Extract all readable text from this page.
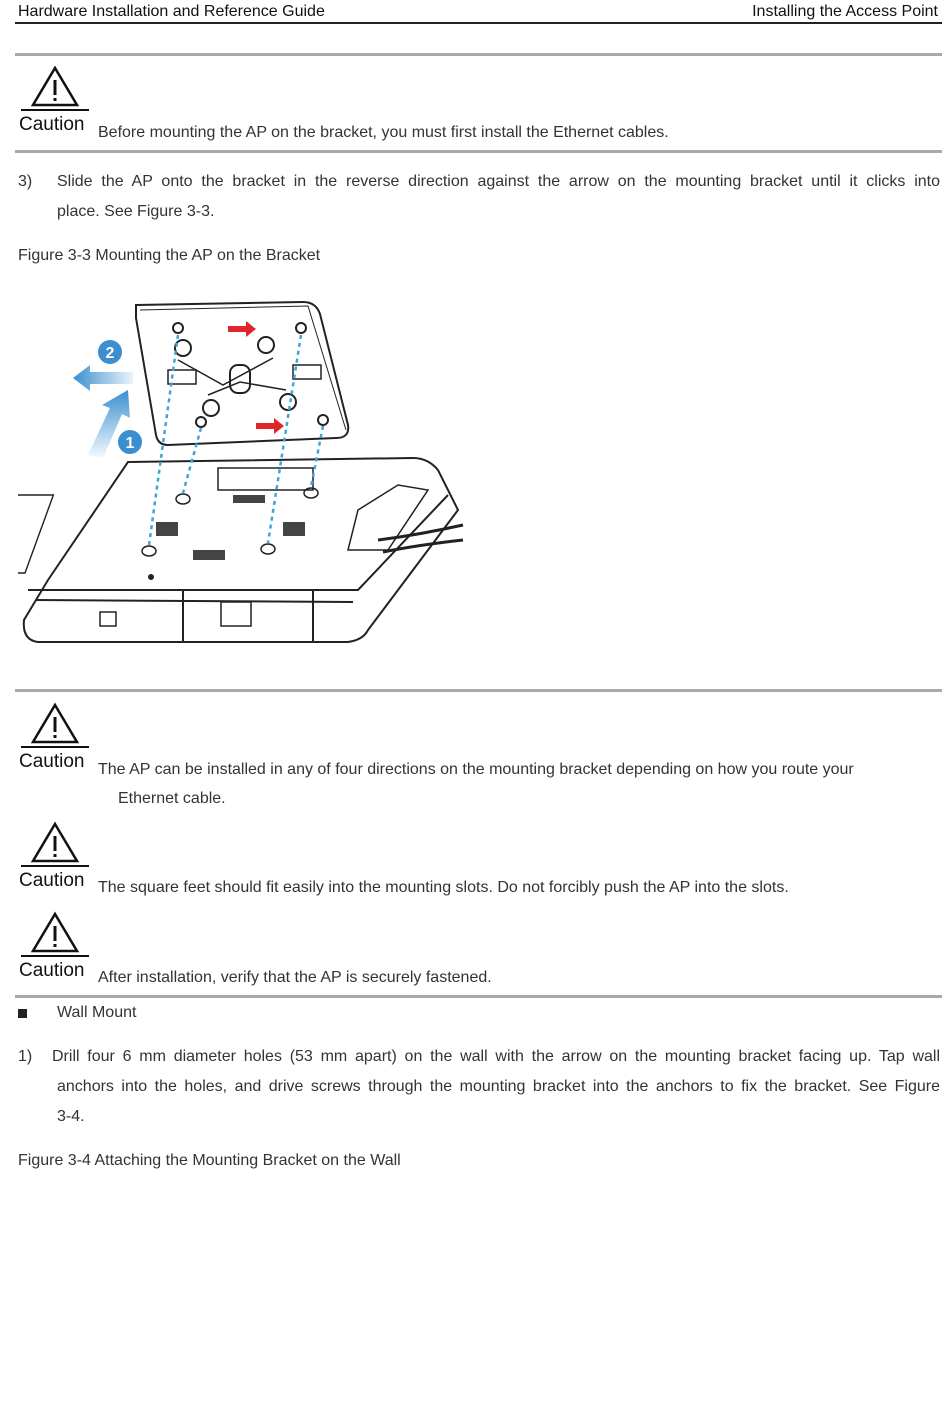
Hardware Installation and Reference Guide	Installing the Access Point
Caution Before mounting the AP on the bracket, you must first install the Ethernet cables.
3) Slide the AP onto the bracket in the reverse direction against the arrow on the mounting bracket until it clicks into
place. See Figure 3-3.
Figure 3-3 Mounting the AP on the Bracket
1
2
Caution The AP can be installed in any of four directions on the mounting bracket depending on how you route your
Ethernet cable.
Caution The square feet should fit easily into the mounting slots. Do not forcibly push the AP into the slots.
Caution After installation, verify that the AP is securely fastened.
Wall Mount
1) Drill four 6 mm diameter holes (53 mm apart) on the wall with the arrow on the mounting bracket facing up. Tap wall
anchors into the holes, and drive screws through the mounting bracket into the anchors to fix the bracket. See Figure
3-4.
Figure 3-4 Attaching the Mounting Bracket on the Wall
